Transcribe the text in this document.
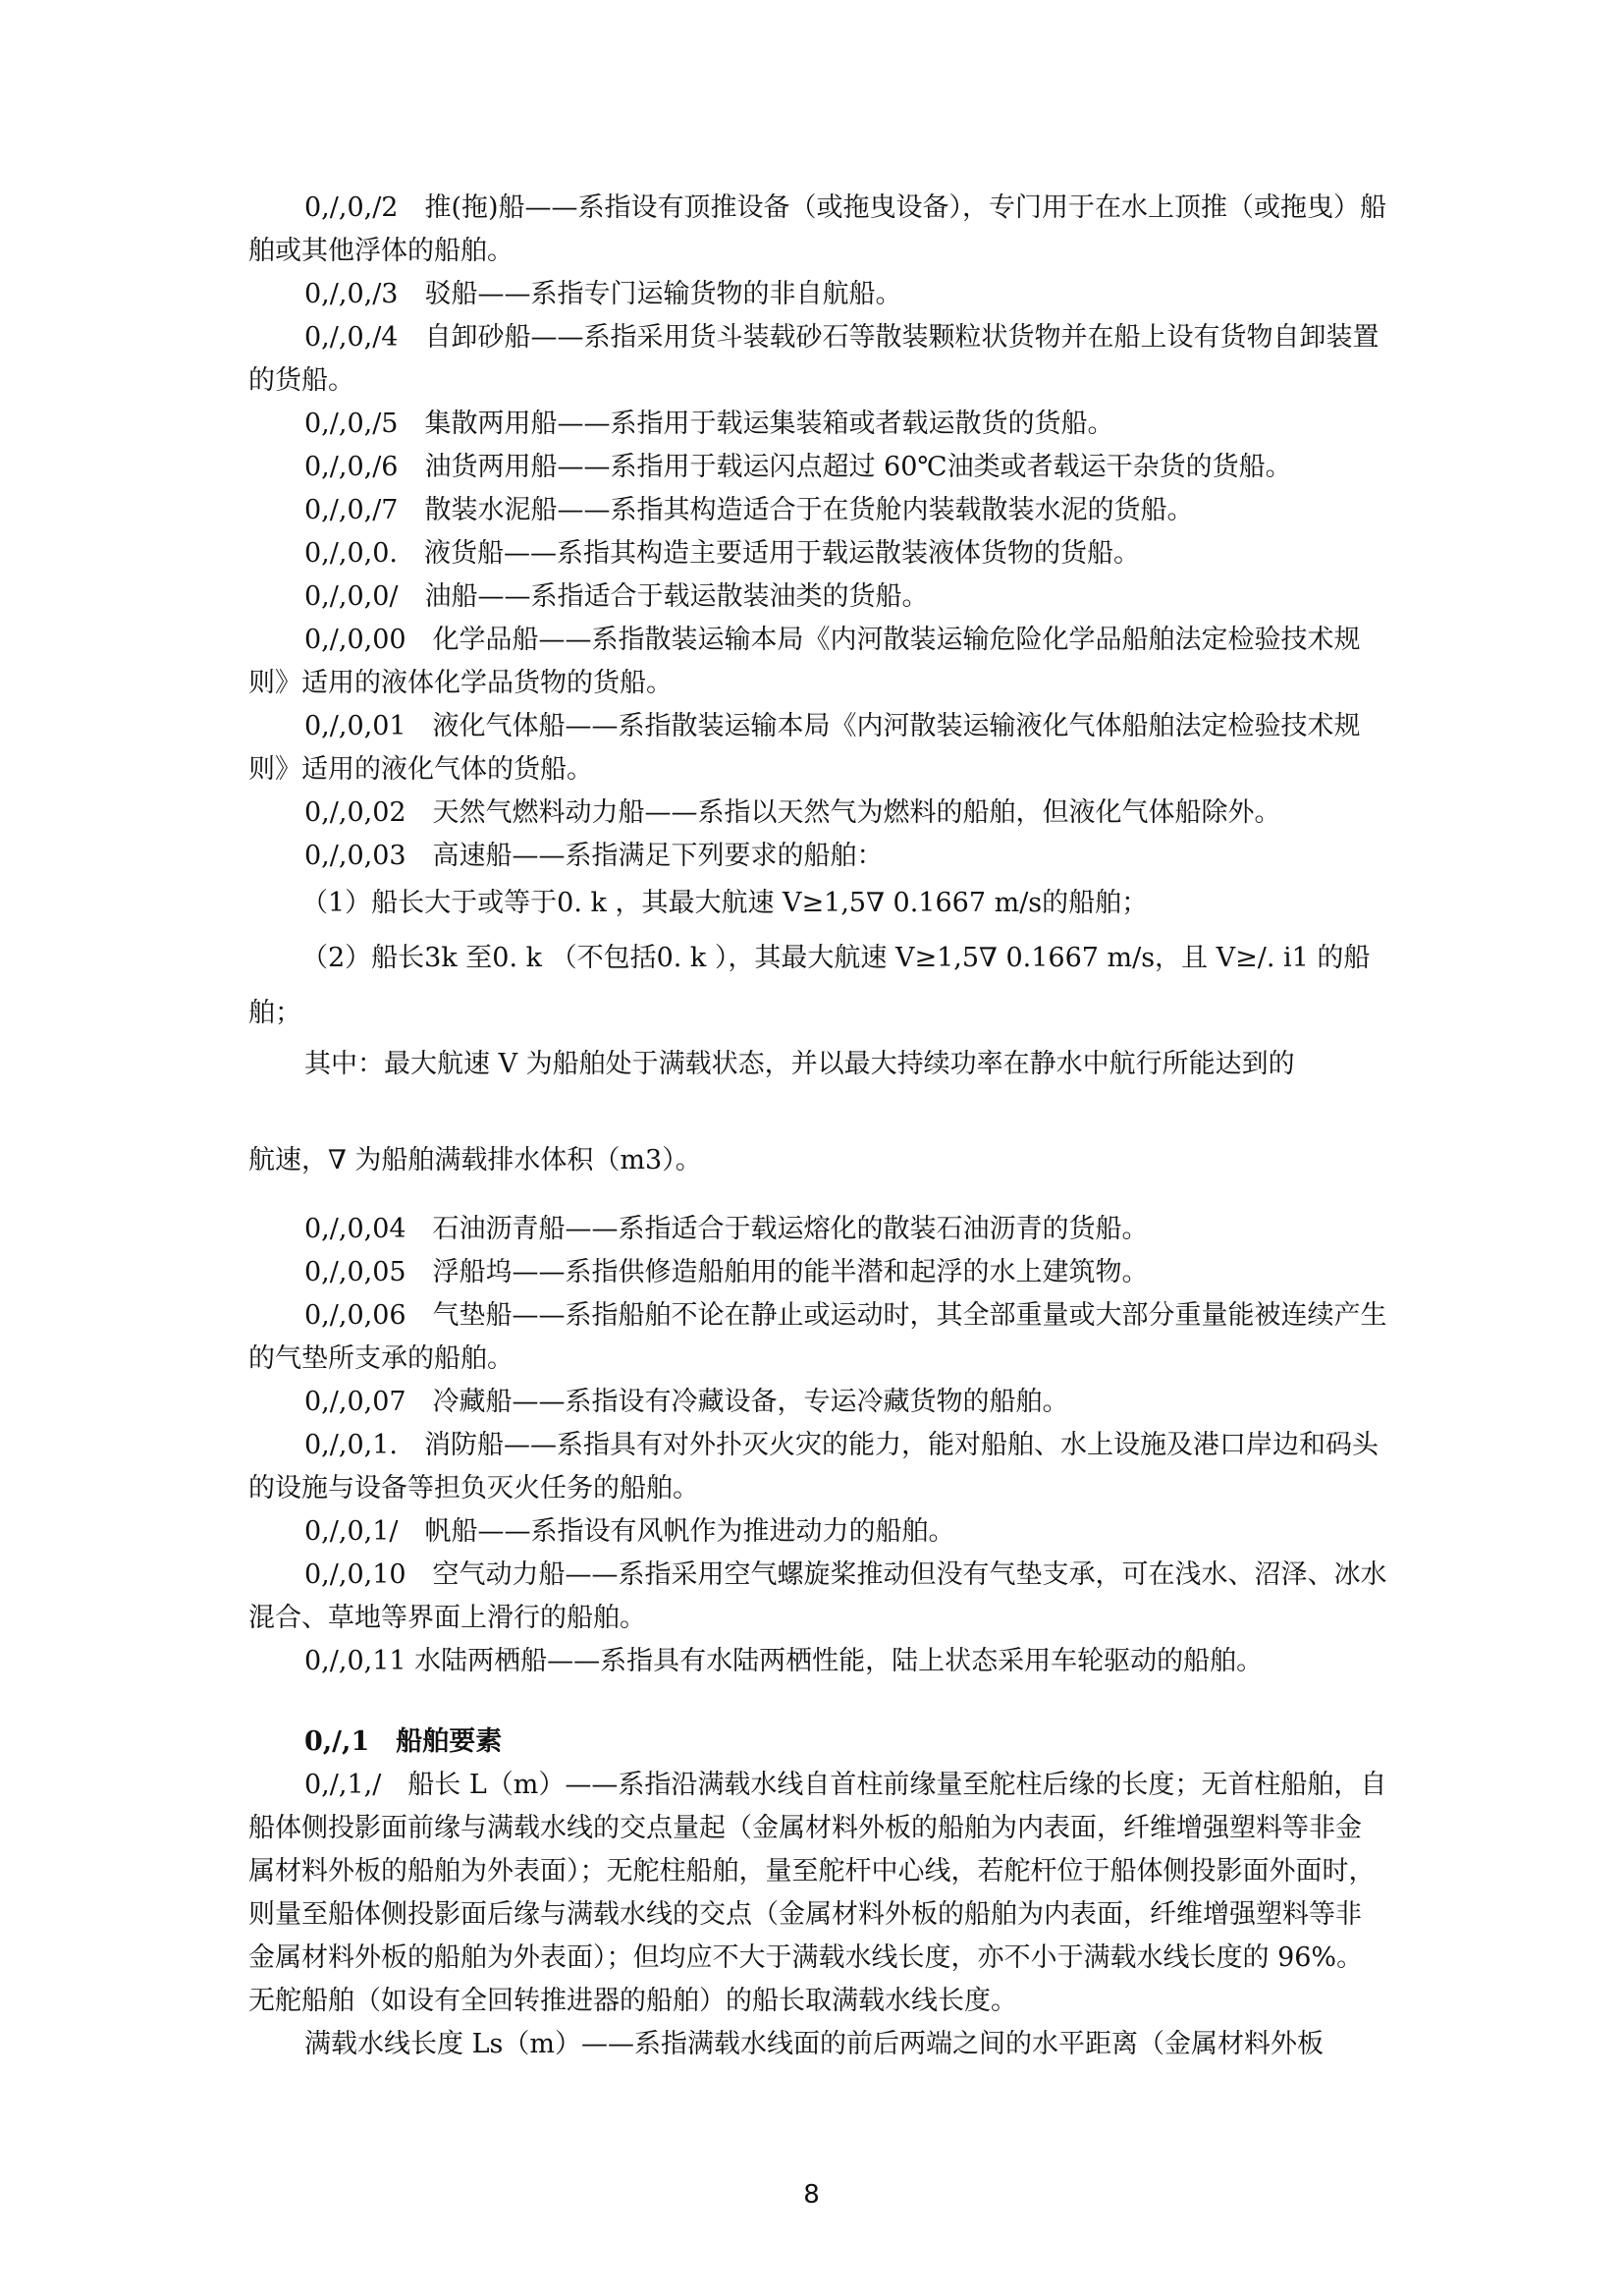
0,/,0,/2　推(拖)船——系指设有顶推设备（或拖曳设备），专门用于在水上顶推（或拖曳）船舶或其他浮体的船舶。

0,/,0,/3　驳船——系指专门运输货物的非自航船。

0,/,0,/4　自卸砂船——系指采用货斗装载砂石等散装颗粒状货物并在船上设有货物自卸装置的货船。

0,/,0,/5　集散两用船——系指用于载运集装箱或者载运散货的货船。

0,/,0,/6　油货两用船——系指用于载运闪点超过 60℃油类或者载运干杂货的货船。

0,/,0,/7　散装水泥船——系指其构造适合于在货舱内装载散装水泥的货船。

0,/,0,0.　液货船——系指其构造主要适用于载运散装液体货物的货船。

0,/,0,0/　油船——系指适合于载运散装油类的货船。

0,/,0,00　化学品船——系指散装运输本局《内河散装运输危险化学品船舶法定检验技术规则》适用的液体化学品货物的货船。

0,/,0,01　液化气体船——系指散装运输本局《内河散装运输液化气体船舶法定检验技术规则》适用的液化气体的货船。

0,/,0,02　天然气燃料动力船——系指以天然气为燃料的船舶，但液化气体船除外。

0,/,0,03　高速船——系指满足下列要求的船舶：

（1）船长大于或等于0. k ，其最大航速 V≥1,5∇ 0.1667 m/s的船舶；

（2）船长3k 至0. k （不包括0. k ），其最大航速 V≥1,5∇ 0.1667 m/s，且 V≥/. i1 的船舶；

其中：最大航速 V 为船舶处于满载状态，并以最大持续功率在静水中航行所能达到的

航速，∇ 为船舶满载排水体积（m3）。

0,/,0,04　石油沥青船——系指适合于载运熔化的散装石油沥青的货船。

0,/,0,05　浮船坞——系指供修造船舶用的能半潜和起浮的水上建筑物。

0,/,0,06　气垫船——系指船舶不论在静止或运动时，其全部重量或大部分重量能被连续产生的气垫所支承的船舶。

0,/,0,07　冷藏船——系指设有冷藏设备，专运冷藏货物的船舶。

0,/,0,1.　消防船——系指具有对外扑灭火灾的能力，能对船舶、水上设施及港口岸边和码头的设施与设备等担负灭火任务的船舶。

0,/,0,1/　帆船——系指设有风帆作为推进动力的船舶。

0,/,0,10　空气动力船——系指采用空气螺旋桨推动但没有气垫支承，可在浅水、沼泽、冰水混合、草地等界面上滑行的船舶。

0,/,0,11 水陆两栖船——系指具有水陆两栖性能，陆上状态采用车轮驱动的船舶。

0,/,1　船舶要素

0,/,1,/　船长 L（m）——系指沿满载水线自首柱前缘量至舵柱后缘的长度；无首柱船舶，自船体侧投影面前缘与满载水线的交点量起（金属材料外板的船舶为内表面，纤维增强塑料等非金属材料外板的船舶为外表面）；无舵柱船舶，量至舵杆中心线，若舵杆位于船体侧投影面外面时，则量至船体侧投影面后缘与满载水线的交点（金属材料外板的船舶为内表面，纤维增强塑料等非金属材料外板的船舶为外表面）；但均应不大于满载水线长度，亦不小于满载水线长度的 96%。无舵船舶（如设有全回转推进器的船舶）的船长取满载水线长度。

满载水线长度 Ls（m）——系指满载水线面的前后两端之间的水平距离（金属材料外板

8
